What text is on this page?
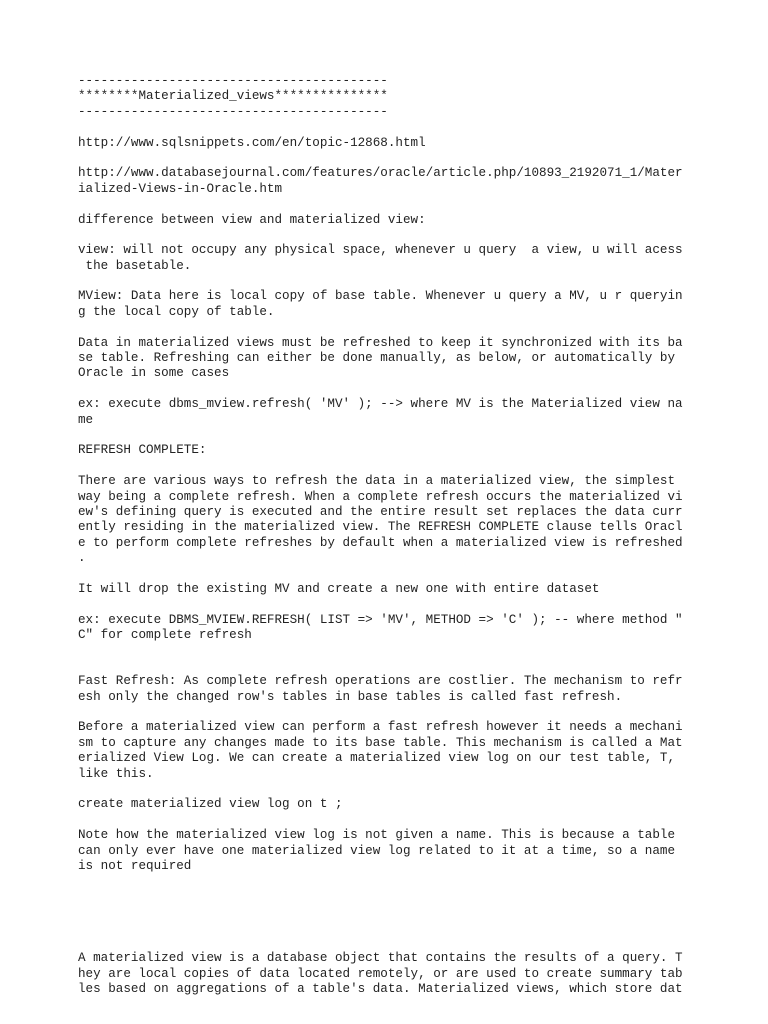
-----------------------------------------
********Materialized_views***************
-----------------------------------------
http://www.sqlsnippets.com/en/topic-12868.html
http://www.databasejournal.com/features/oracle/article.php/10893_2192071_1/Mater
ialized-Views-in-Oracle.htm
difference between view and materialized view:
view: will not occupy any physical space, whenever u query  a view, u will acess
the basetable.
MView: Data here is local copy of base table. Whenever u query a MV, u r queryin
g the local copy of table.
Data in materialized views must be refreshed to keep it synchronized with its ba
se table. Refreshing can either be done manually, as below, or automatically by
Oracle in some cases
ex: execute dbms_mview.refresh( 'MV' ); --> where MV is the Materialized view na
me
REFRESH COMPLETE:
There are various ways to refresh the data in a materialized view, the simplest
way being a complete refresh. When a complete refresh occurs the materialized vi
ew's defining query is executed and the entire result set replaces the data curr
ently residing in the materialized view. The REFRESH COMPLETE clause tells Oracl
e to perform complete refreshes by default when a materialized view is refreshed
.
It will drop the existing MV and create a new one with entire dataset
ex: execute DBMS_MVIEW.REFRESH( LIST => 'MV', METHOD => 'C' ); -- where method "
C" for complete refresh
Fast Refresh: As complete refresh operations are costlier. The mechanism to refr
esh only the changed row's tables in base tables is called fast refresh.
Before a materialized view can perform a fast refresh however it needs a mechani
sm to capture any changes made to its base table. This mechanism is called a Mat
erialized View Log. We can create a materialized view log on our test table, T,
like this.
create materialized view log on t ;
Note how the materialized view log is not given a name. This is because a table
can only ever have one materialized view log related to it at a time, so a name
is not required
A materialized view is a database object that contains the results of a query. T
hey are local copies of data located remotely, or are used to create summary tab
les based on aggregations of a table's data. Materialized views, which store dat
